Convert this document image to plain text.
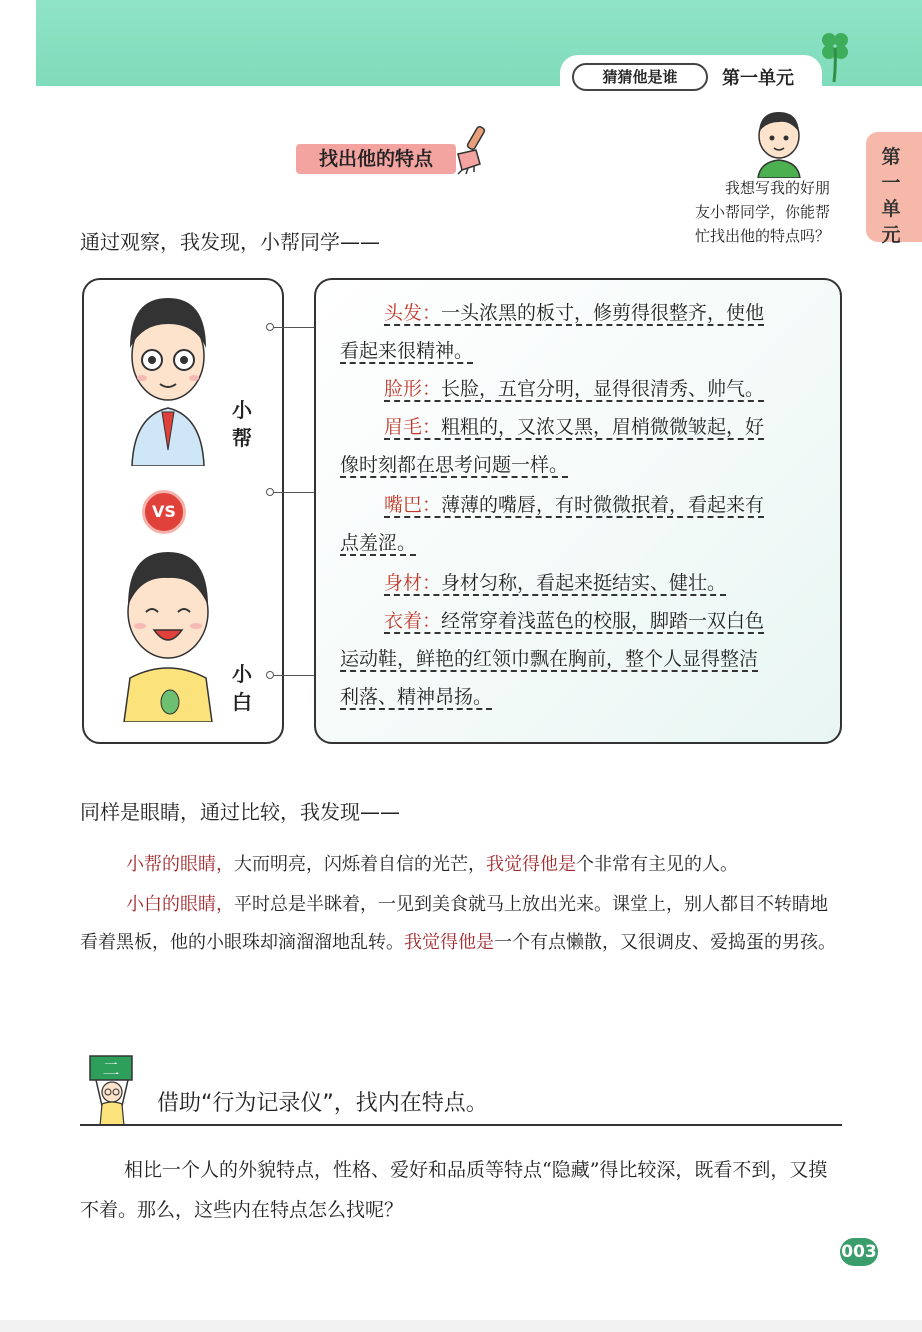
猜猜他是谁	第一单元
第一单元
找出他的特点
我想写我的好朋
友小帮同学，你能帮
忙找出他的特点吗？
通过观察，我发现，小帮同学——
小帮
VS
小白
头发：一头浓黑的板寸，修剪得很整齐，使他
看起来很精神。
脸形：长脸，五官分明，显得很清秀、帅气。
眉毛：粗粗的，又浓又黑，眉梢微微皱起，好
像时刻都在思考问题一样。
嘴巴：薄薄的嘴唇，有时微微抿着，看起来有
点羞涩。
身材：身材匀称，看起来挺结实、健壮。
衣着：经常穿着浅蓝色的校服，脚踏一双白色
运动鞋，鲜艳的红领巾飘在胸前，整个人显得整洁
利落、精神昂扬。
同样是眼睛，通过比较，我发现——
小帮的眼睛，大而明亮，闪烁着自信的光芒，我觉得他是个非常有主见的人。
小白的眼睛，平时总是半眯着，一见到美食就马上放出光来。课堂上，别人都目不转睛地看着黑板，他的小眼珠却滴溜溜地乱转。我觉得他是一个有点懒散，又很调皮、爱捣蛋的男孩。
二
借助“行为记录仪”，找内在特点。
相比一个人的外貌特点，性格、爱好和品质等特点“隐藏”得比较深，既看不到，又摸不着。那么，这些内在特点怎么找呢？
003
